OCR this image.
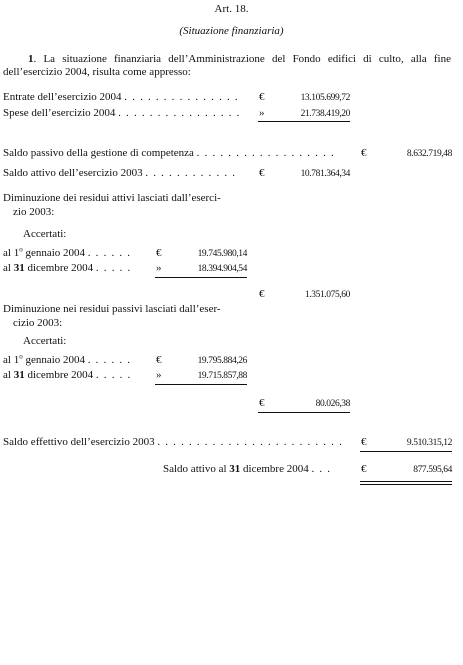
Art. 18.
(Situazione finanziaria)
1. La situazione finanziaria dell’Amministrazione del Fondo edifici di culto, alla fine dell’esercizio 2004, risulta come appresso:
Entrate dell’esercizio 2004 . . . . . . . . . . . . . . . €	13.105.699,72
Spese dell’esercizio 2004 . . . . . . . . . . . . . . . . »	21.738.419,20
Saldo passivo della gestione di competenza . . . . . . . . . . . . . . . . . . €	8.632.719,48
Saldo attivo dell’esercizio 2003 . . . . . . . . . . . . €	10.781.364,34
Diminuzione dei residui attivi lasciati dall’eserci-
zio 2003:
Accertati:
al 1$^o$ gennaio 2004 . . . . . . €	19.745.980,14
al 31 dicembre 2004 . . . . . »	18.394.904,54
€	1.351.075,60
Diminuzione nei residui passivi lasciati dall’eser-
cizio 2003:
Accertati:
al 1$^o$ gennaio 2004 . . . . . . €	19.795.884,26
al 31 dicembre 2004 . . . . . »	19.715.857,88
€	80.026,38
Saldo effettivo dell’esercizio 2003 . . . . . . . . . . . . . . . . . . . . . . . . €	9.510.315,12
Saldo attivo al 31 dicembre 2004 . . .	€	877.595,64
